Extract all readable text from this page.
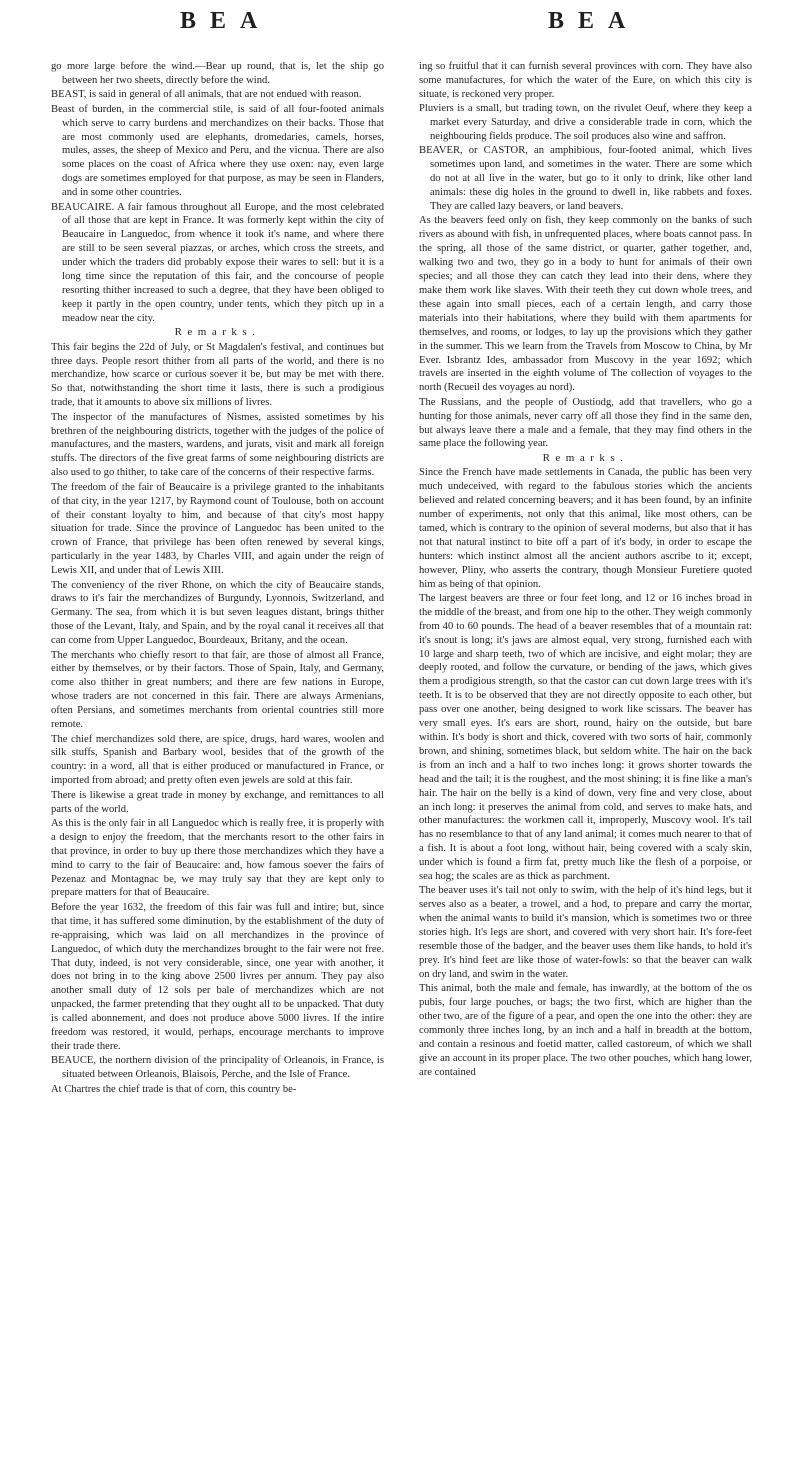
BEA	BEA

go more large before the wind.—Bear up round, that is, let the ship go between her two sheets, directly before the wind.

BEAST, is said in general of all animals, that are not endued with reason.

Beast of burden, in the commercial stile, is said of all four-footed animals which serve to carry burdens and merchandizes on their backs. Those that are most commonly used are elephants, dromedaries, camels, horses, mules, asses, the sheep of Mexico and Peru, and the vicnua. There are also some places on the coast of Africa where they use oxen: nay, even large dogs are sometimes employed for that purpose, as may be seen in Flanders, and in some other countries.

BEAUCAIRE. A fair famous throughout all Europe, and the most celebrated of all those that are kept in France. It was formerly kept within the city of Beaucaire in Languedoc, from whence it took it's name, and where there are still to be seen several piazzas, or arches, which cross the streets, and under which the traders did probably expose their wares to sell: but it is a long time since the reputation of this fair, and the concourse of people resorting thither increased to such a degree, that they have been obliged to keep it partly in the open country, under tents, which they pitch up in a meadow near the city.

Remarks.

This fair begins the 22d of July, or St Magdalen's festival, and continues but three days. People resort thither from all parts of the world, and there is no merchandize, how scarce or curious soever it be, but may be met with there. So that, notwithstanding the short time it lasts, there is such a prodigious trade, that it amounts to above six millions of livres.

The inspector of the manufactures of Nismes, assisted sometimes by his brethren of the neighbouring districts, together with the judges of the police of manufactures, and the masters, wardens, and jurats, visit and mark all foreign stuffs. The directors of the five great farms of some neighbouring districts are also used to go thither, to take care of the concerns of their respective farms.

The freedom of the fair of Beaucaire is a privilege granted to the inhabitants of that city, in the year 1217, by Raymond count of Toulouse, both on account of their constant loyalty to him, and because of that city's most happy situation for trade. Since the province of Languedoc has been united to the crown of France, that privilege has been often renewed by several kings, particularly in the year 1483, by Charles VIII, and again under the reign of Lewis XII, and under that of Lewis XIII.

The conveniency of the river Rhone, on which the city of Beaucaire stands, draws to it's fair the merchandizes of Burgundy, Lyonnois, Switzerland, and Germany. The sea, from which it is but seven leagues distant, brings thither those of the Levant, Italy, and Spain, and by the royal canal it receives all that can come from Upper Languedoc, Bourdeaux, Britany, and the ocean.

The merchants who chiefly resort to that fair, are those of almost all France, either by themselves, or by their factors. Those of Spain, Italy, and Germany, come also thither in great numbers; and there are few nations in Europe, whose traders are not concerned in this fair. There are always Armenians, often Persians, and sometimes merchants from oriental countries still more remote.

The chief merchandizes sold there, are spice, drugs, hard wares, woolen and silk stuffs, Spanish and Barbary wool, besides that of the growth of the country: in a word, all that is either produced or manufactured in France, or imported from abroad; and pretty often even jewels are sold at this fair.

There is likewise a great trade in money by exchange, and remittances to all parts of the world.

As this is the only fair in all Languedoc which is really free, it is properly with a design to enjoy the freedom, that the merchants resort to the other fairs in that province, in order to buy up there those merchandizes which they have a mind to carry to the fair of Beaucaire: and, how famous soever the fairs of Pezenaz and Montagnac be, we may truly say that they are kept only to prepare matters for that of Beaucaire.

Before the year 1632, the freedom of this fair was full and intire; but, since that time, it has suffered some diminution, by the establishment of the duty of re-appraising, which was laid on all merchandizes in the province of Languedoc, of which duty the merchandizes brought to the fair were not free. That duty, indeed, is not very considerable, since, one year with another, it does not bring in to the king above 2500 livres per annum. They pay also another small duty of 12 sols per bale of merchandizes which are not unpacked, the farmer pretending that they ought all to be unpacked. That duty is called abonnement, and does not produce above 5000 livres. If the intire freedom was restored, it would, perhaps, encourage merchants to improve their trade there.

BEAUCE, the northern division of the principality of Orleanois, in France, is situated between Orleanois, Blaisois, Perche, and the Isle of France.

At Chartres the chief trade is that of corn, this country be-

ing so fruitful that it can furnish several provinces with corn. They have also some manufactures, for which the water of the Eure, on which this city is situate, is reckoned very proper.

Pluviers is a small, but trading town, on the rivulet Oeuf, where they keep a market every Saturday, and drive a considerable trade in corn, which the neighbouring fields produce. The soil produces also wine and saffron.

BEAVER, or CASTOR, an amphibious, four-footed animal, which lives sometimes upon land, and sometimes in the water. There are some which do not at all live in the water, but go to it only to drink, like other land animals: these dig holes in the ground to dwell in, like rabbets and foxes. They are called lazy beavers, or land beavers.

As the beavers feed only on fish, they keep commonly on the banks of such rivers as abound with fish, in unfrequented places, where boats cannot pass. In the spring, all those of the same district, or quarter, gather together, and, walking two and two, they go in a body to hunt for animals of their own species; and all those they can catch they lead into their dens, where they make them work like slaves. With their teeth they cut down whole trees, and these again into small pieces, each of a certain length, and carry those materials into their habitations, where they build with them apartments for themselves, and rooms, or lodges, to lay up the provisions which they gather in the summer. This we learn from the Travels from Moscow to China, by Mr Ever. Isbrantz Ides, ambassador from Muscovy in the year 1692; which travels are inserted in the eighth volume of The collection of voyages to the north (Recueil des voyages au nord).

The Russians, and the people of Oustiodg, add that travellers, who go a hunting for those animals, never carry off all those they find in the same den, but always leave there a male and a female, that they may find others in the same place the following year.

Remarks.

Since the French have made settlements in Canada, the public has been very much undeceived, with regard to the fabulous stories which the ancients believed and related concerning beavers; and it has been found, by an infinite number of experiments, not only that this animal, like most others, can be tamed, which is contrary to the opinion of several moderns, but also that it has not that natural instinct to bite off a part of it's body, in order to escape the hunters: which instinct almost all the ancient authors ascribe to it; except, however, Pliny, who asserts the contrary, though Monsieur Furetiere quoted him as being of that opinion.

The largest beavers are three or four feet long, and 12 or 16 inches broad in the middle of the breast, and from one hip to the other. They weigh commonly from 40 to 60 pounds. The head of a beaver resembles that of a mountain rat: it's snout is long; it's jaws are almost equal, very strong, furnished each with 10 large and sharp teeth, two of which are incisive, and eight molar; they are deeply rooted, and follow the curvature, or bending of the jaws, which gives them a prodigious strength, so that the castor can cut down large trees with it's teeth. It is to be observed that they are not directly opposite to each other, but pass over one another, being designed to work like scissars. The beaver has very small eyes. It's ears are short, round, hairy on the outside, but bare within. It's body is short and thick, covered with two sorts of hair, commonly brown, and shining, sometimes black, but seldom white. The hair on the back is from an inch and a half to two inches long: it grows shorter towards the head and the tail; it is the roughest, and the most shining; it is fine like a man's hair. The hair on the belly is a kind of down, very fine and very close, about an inch long: it preserves the animal from cold, and serves to make hats, and other manufactures: the workmen call it, improperly, Muscovy wool. It's tail has no resemblance to that of any land animal; it comes much nearer to that of a fish. It is about a foot long, without hair, being covered with a scaly skin, under which is found a firm fat, pretty much like the flesh of a porpoise, or sea hog; the scales are as thick as parchment.

The beaver uses it's tail not only to swim, with the help of it's hind legs, but it serves also as a beater, a trowel, and a hod, to prepare and carry the mortar, when the animal wants to build it's mansion, which is sometimes two or three stories high. It's legs are short, and covered with very short hair. It's fore-feet resemble those of the badger, and the beaver uses them like hands, to hold it's prey. It's hind feet are like those of water-fowls: so that the beaver can walk on dry land, and swim in the water.

This animal, both the male and female, has inwardly, at the bottom of the os pubis, four large pouches, or bags; the two first, which are higher than the other two, are of the figure of a pear, and open the one into the other: they are commonly three inches long, by an inch and a half in breadth at the bottom, and contain a resinous and foetid matter, called castoreum, of which we shall give an account in its proper place. The two other pouches, which hang lower, are contained
